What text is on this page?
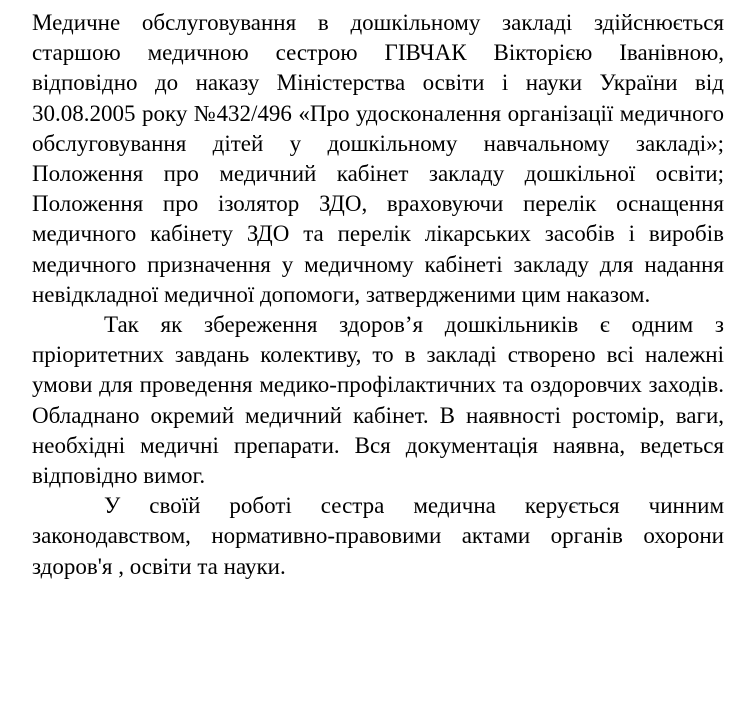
Медичне обслуговування в дошкільному закладі здійснюється старшою медичною сестрою ГІВЧАК Вікторією Іванівною, відповідно до наказу Міністерства освіти і науки України від 30.08.2005 року №432/496 «Про удосконалення організації медичного обслуговування дітей у дошкільному навчальному закладі»; Положення про медичний кабінет закладу дошкільної освіти; Положення про ізолятор ЗДО, враховуючи перелік оснащення медичного кабінету ЗДО та перелік лікарських засобів і виробів медичного призначення у медичному кабінеті закладу для надання невідкладної медичної допомоги, затвердженими цим наказом.

Так як збереження здоров’я дошкільників є одним з пріоритетних завдань колективу, то в закладі створено всі належні умови для проведення медико-профілактичних та оздоровчих заходів. Обладнано окремий медичний кабінет. В наявності ростомір, ваги, необхідні медичні препарати. Вся документація наявна, ведеться відповідно вимог.

У своїй роботі сестра медична керується чинним законодавством, нормативно-правовими актами органів охорони здоров'я , освіти та науки.
